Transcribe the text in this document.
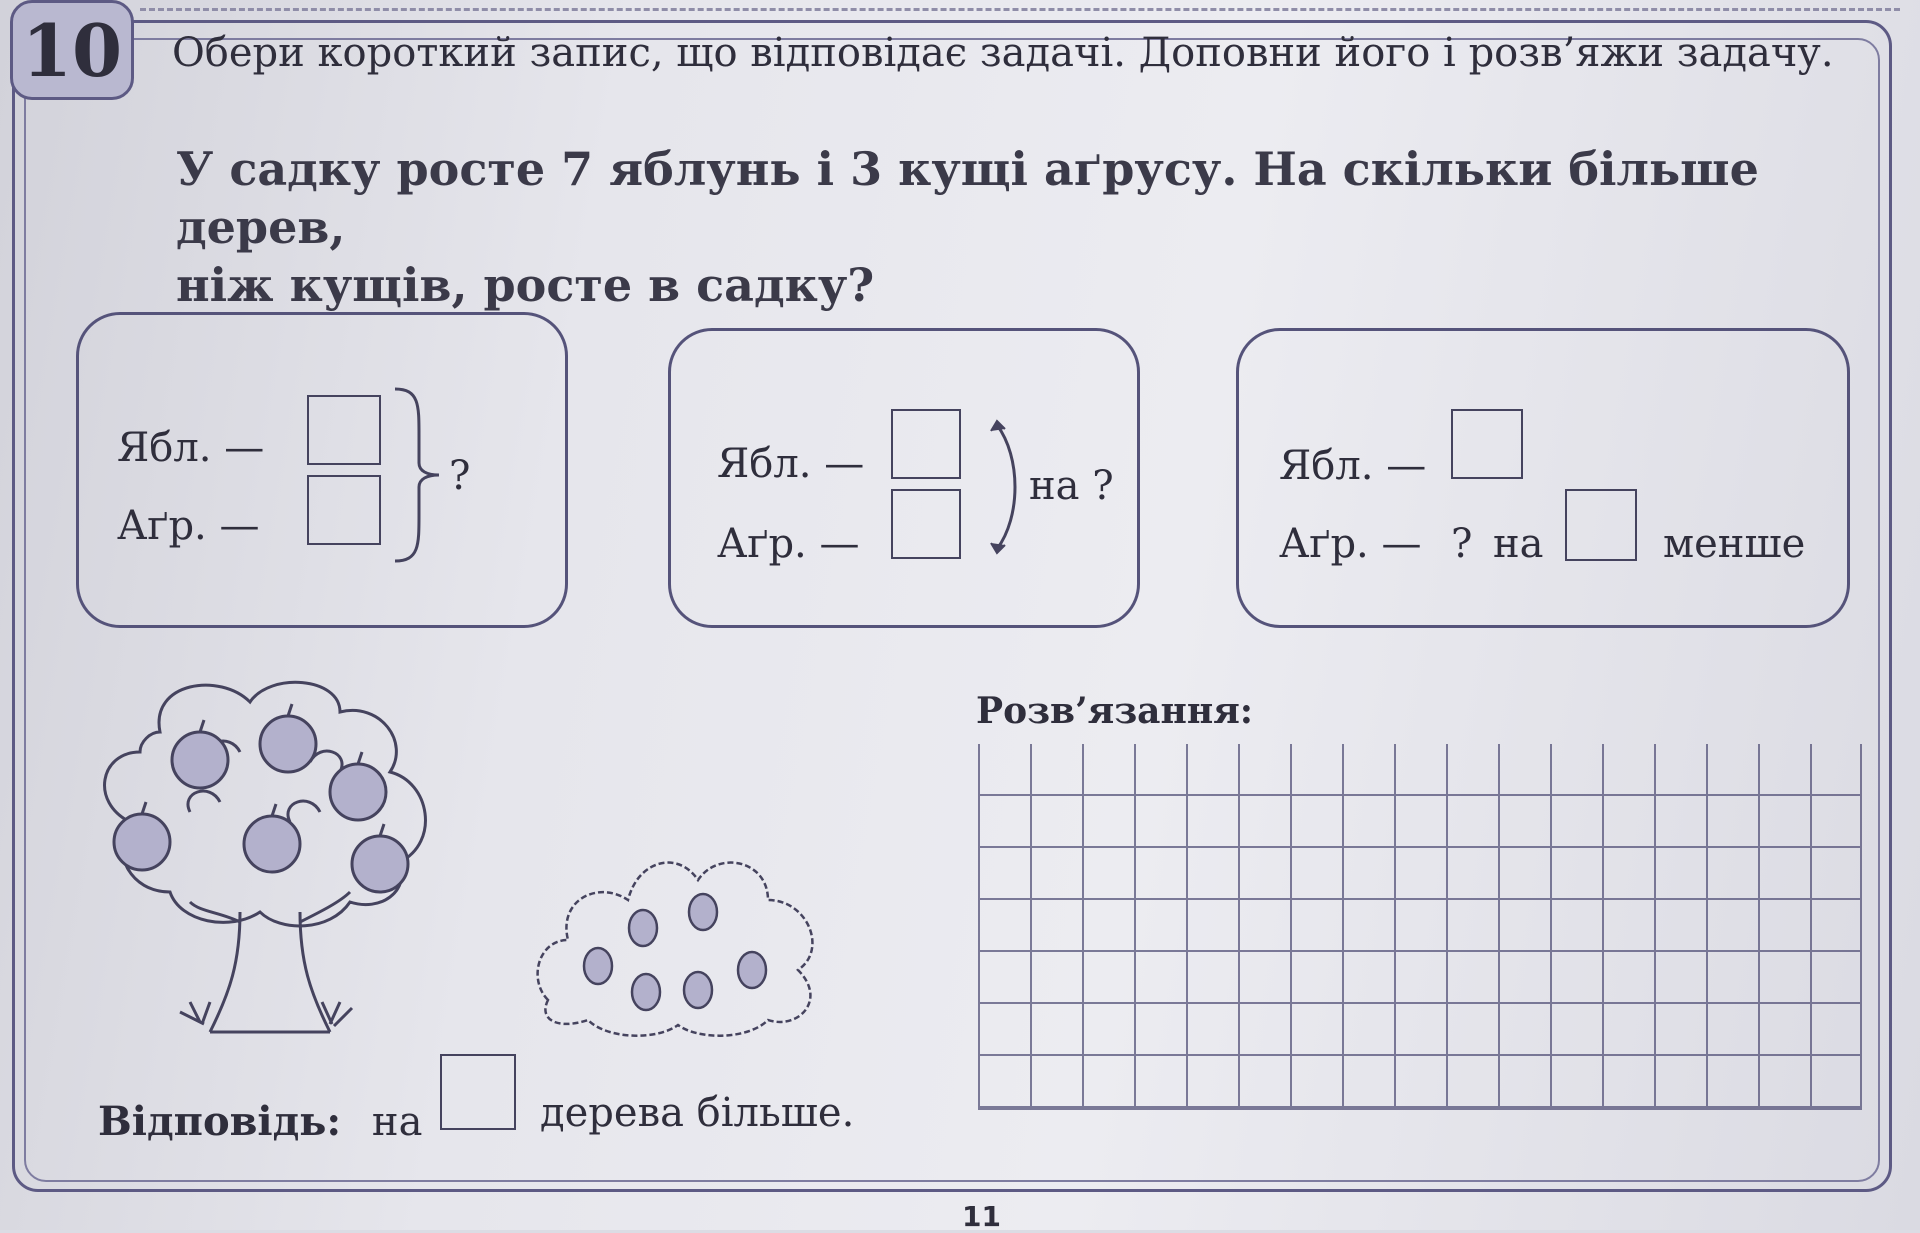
10 Обери короткий запис, що відповідає задачі. Доповни його і розв’яжи задачу.
У садку росте 7 яблунь і 3 кущі аґрусу. На скільки більше дерев,
ніж кущів, росте в садку?
Ябл. —
Аґр. —
?	Ябл. —
Аґр. —
на ?	Ябл. —
Аґр. — ? на	менше
Розв’язання:
Відповідь: на	дерева більше.
11
